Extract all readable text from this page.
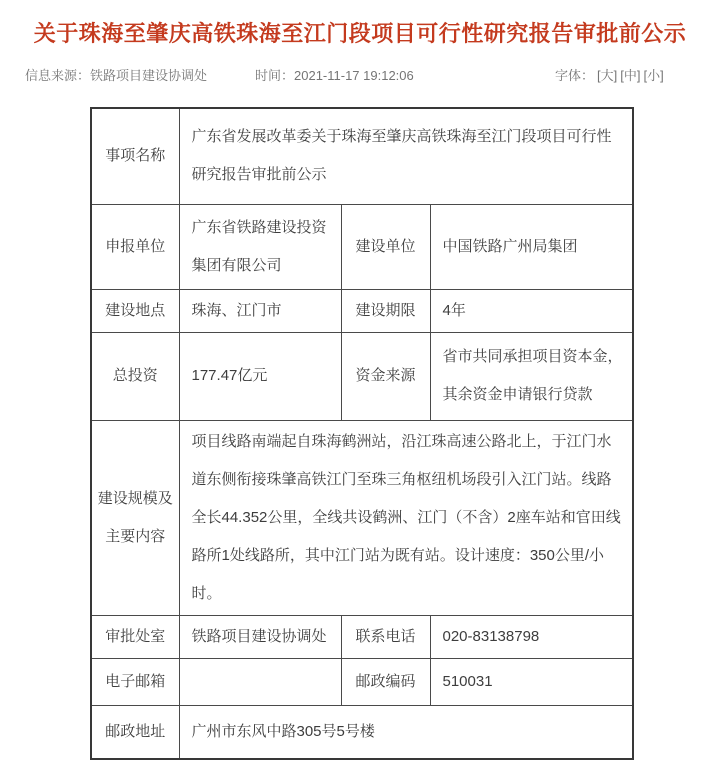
关于珠海至肇庆高铁珠海至江门段项目可行性研究报告审批前公示
信息来源：铁路项目建设协调处	时间：2021-11-17 19:12:06	字体： [大] [中] [小]
事项名称	广东省发展改革委关于珠海至肇庆高铁珠海至江门段项目可行性研究报告审批前公示		
申报单位	广东省铁路建设投资集团有限公司	建设单位	中国铁路广州局集团
建设地点	珠海、江门市	建设期限	4年
总投资	177.47亿元	资金来源	省市共同承担项目资本金，其余资金申请银行贷款
建设规模及主要内容	项目线路南端起自珠海鹤洲站，沿江珠高速公路北上，于江门水道东侧衔接珠肇高铁江门至珠三角枢纽机场段引入江门站。线路全长44.352公里，全线共设鹤洲、江门（不含）2座车站和官田线路所1处线路所，其中江门站为既有站。设计速度：350公里/小时。		
审批处室	铁路项目建设协调处	联系电话	020-83138798
电子邮箱		邮政编码	510031
邮政地址	广州市东风中路305号5号楼		
